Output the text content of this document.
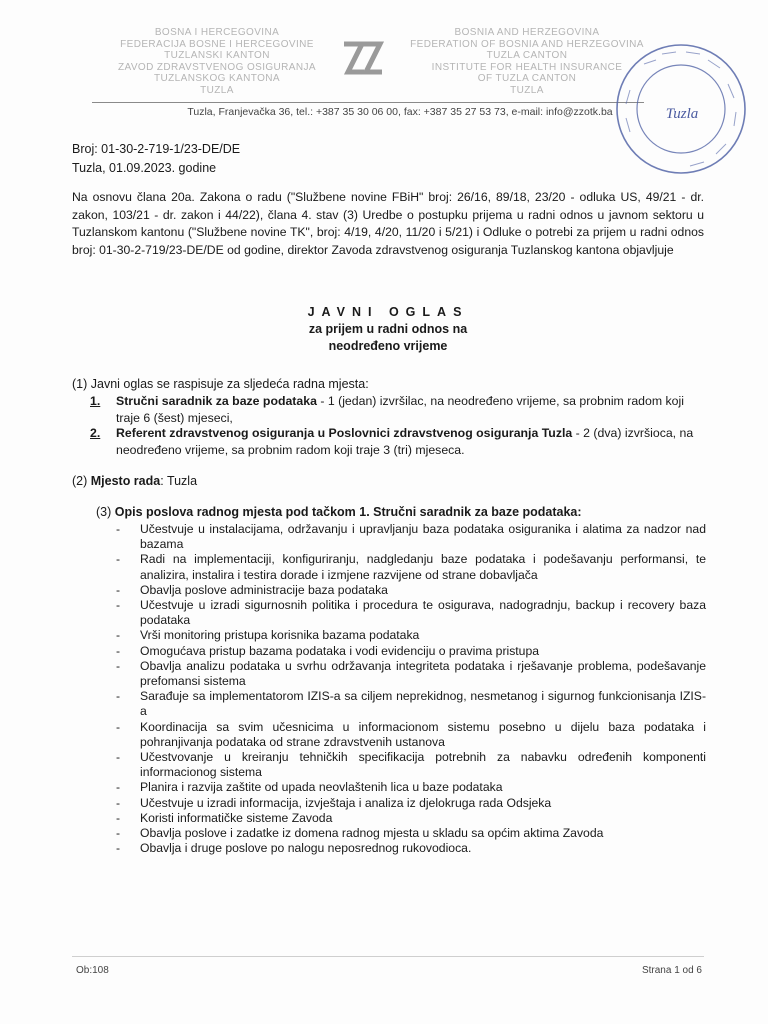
BOSNA I HERCEGOVINA
FEDERACIJA BOSNE I HERCEGOVINE
TUZLANSKI KANTON
ZAVOD ZDRAVSTVENOG OSIGURANJA
TUZLANSKOG KANTONA
TUZLA
BOSNIA AND HERZEGOVINA
FEDERATION OF BOSNIA AND HERZEGOVINA
TUZLA CANTON
INSTITUTE FOR HEALTH INSURANCE
OF TUZLA CANTON
TUZLA
Tuzla, Franjevačka 36, tel.: +387 35 30 06 00, fax: +387 35 27 53 73, e-mail: info@zzotk.ba	Tuzla
Broj: 01-30-2-719-1/23-DE/DE
Tuzla, 01.09.2023. godine
Na osnovu člana 20a. Zakona o radu ("Službene novine FBiH" broj: 26/16, 89/18, 23/20 - odluka US, 49/21 - dr. zakon, 103/21 - dr. zakon i 44/22), člana 4. stav (3) Uredbe o postupku prijema u radni odnos u javnom sektoru u Tuzlanskom kantonu ("Službene novine TK", broj: 4/19, 4/20, 11/20 i 5/21) i Odluke o potrebi za prijem u radni odnos broj: 01-30-2-719/23-DE/DE od godine, direktor Zavoda zdravstvenog osiguranja Tuzlanskog kantona objavljuje
JAVNI OGLAS
za prijem u radni odnos na
neodređeno vrijeme
(1) Javni oglas se raspisuje za sljedeća radna mjesta:
1.	Stručni saradnik za baze podataka - 1 (jedan) izvršilac, na neodređeno vrijeme, sa probnim radom koji traje 6 (šest) mjeseci,
2.	Referent zdravstvenog osiguranja u Poslovnici zdravstvenog osiguranja Tuzla - 2 (dva) izvršioca, na neodređeno vrijeme, sa probnim radom koji traje 3 (tri) mjeseca.
(2) Mjesto rada: Tuzla
(3) Opis poslova radnog mjesta pod tačkom 1. Stručni saradnik za baze podataka:
- Učestvuje u instalacijama, održavanju i upravljanju baza podataka osiguranika i alatima za nadzor nad bazama
- Radi na implementaciji, konfiguriranju, nadgledanju baze podataka i podešavanju performansi, te analizira, instalira i testira dorade i izmjene razvijene od strane dobavljača
- Obavlja poslove administracije baza podataka
- Učestvuje u izradi sigurnosnih politika i procedura te osigurava, nadogradnju, backup i recovery baza podataka
- Vrši monitoring pristupa korisnika bazama podataka
- Omogućava pristup bazama podataka i vodi evidenciju o pravima pristupa
- Obavlja analizu podataka u svrhu održavanja integriteta podataka i rješavanje problema, podešavanje prefomansi sistema
- Sarađuje sa implementatorom IZIS-a sa ciljem neprekidnog, nesmetanog i sigurnog funkcionisanja IZIS-a
- Koordinacija sa svim učesnicima u informacionom sistemu posebno u dijelu baza podataka i pohranjivanja podataka od strane zdravstvenih ustanova
- Učestvovanje u kreiranju tehničkih specifikacija potrebnih za nabavku određenih komponenti informacionog sistema
- Planira i razvija zaštite od upada neovlaštenih lica u baze podataka
- Učestvuje u izradi informacija, izvještaja i analiza iz djelokruga rada Odsjeka
- Koristi informatičke sisteme Zavoda
- Obavlja poslove i zadatke iz domena radnog mjesta u skladu sa općim aktima Zavoda
- Obavlja i druge poslove po nalogu neposrednog rukovodioca.
Ob:108	Strana 1 od 6
